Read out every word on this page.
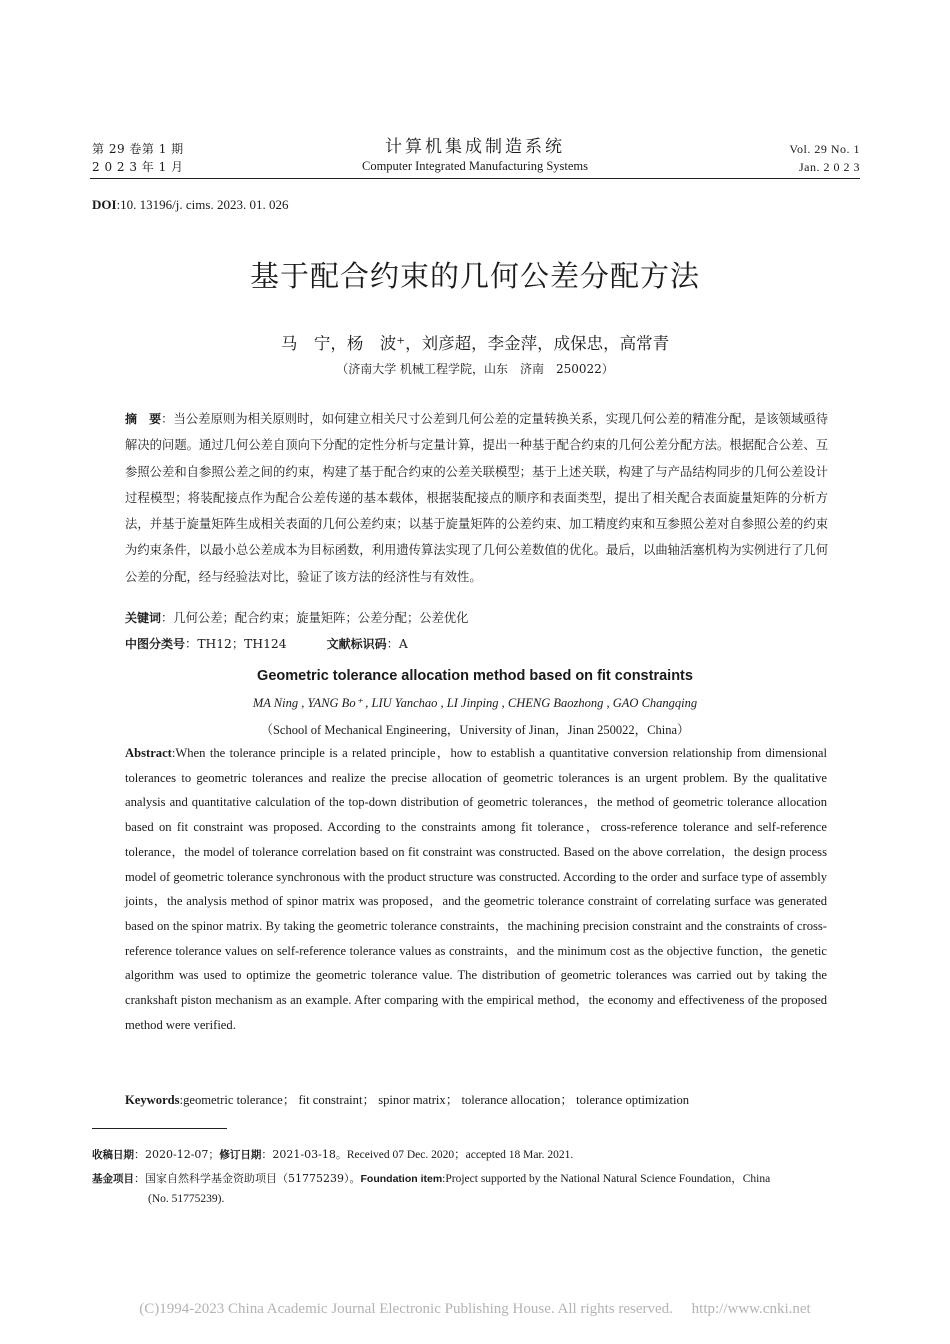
第 29 卷第 1 期
2 0 2 3 年 1 月
计算机集成制造系统
Computer Integrated Manufacturing Systems
Vol. 29 No. 1
Jan. 2 0 2 3
DOI:10. 13196/j. cims. 2023. 01. 026
基于配合约束的几何公差分配方法
马　宁，杨　波⁺，刘彦超，李金萍，成保忠，高常青
（济南大学 机械工程学院，山东　济南　250022）
摘　要：当公差原则为相关原则时，如何建立相关尺寸公差到几何公差的定量转换关系，实现几何公差的精准分配，是该领域亟待解决的问题。通过几何公差自顶向下分配的定性分析与定量计算，提出一种基于配合约束的几何公差分配方法。根据配合公差、互参照公差和自参照公差之间的约束，构建了基于配合约束的公差关联模型；基于上述关联，构建了与产品结构同步的几何公差设计过程模型；将装配接点作为配合公差传递的基本载体，根据装配接点的顺序和表面类型，提出了相关配合表面旋量矩阵的分析方法，并基于旋量矩阵生成相关表面的几何公差约束；以基于旋量矩阵的公差约束、加工精度约束和互参照公差对自参照公差的约束为约束条件，以最小总公差成本为目标函数，利用遗传算法实现了几何公差数值的优化。最后，以曲轴活塞机构为实例进行了几何公差的分配，经与经验法对比，验证了该方法的经济性与有效性。
关键词：几何公差；配合约束；旋量矩阵；公差分配；公差优化
中图分类号：TH12；TH124	文献标识码：A
Geometric tolerance allocation method based on fit constraints
MA Ning , YANG Bo⁺ , LIU Yanchao , LI Jinping , CHENG Baozhong , GAO Changqing
（School of Mechanical Engineering，University of Jinan，Jinan 250022，China）
Abstract:When the tolerance principle is a related principle，how to establish a quantitative conversion relationship from dimensional tolerances to geometric tolerances and realize the precise allocation of geometric tolerances is an urgent problem. By the qualitative analysis and quantitative calculation of the top-down distribution of geometric tolerances，the method of geometric tolerance allocation based on fit constraint was proposed. According to the constraints among fit tolerance，cross-reference tolerance and self-reference tolerance，the model of tolerance correlation based on fit constraint was constructed. Based on the above correlation，the design process model of geometric tolerance synchronous with the product structure was constructed. According to the order and surface type of assembly joints，the analysis method of spinor matrix was proposed，and the geometric tolerance constraint of correlating surface was generated based on the spinor matrix. By taking the geometric tolerance constraints，the machining precision constraint and the constraints of cross-reference tolerance values on self-reference tolerance values as constraints，and the minimum cost as the objective function，the genetic algorithm was used to optimize the geometric tolerance value. The distribution of geometric tolerances was carried out by taking the crankshaft piston mechanism as an example. After comparing with the empirical method，the economy and effectiveness of the proposed method were verified.
Keywords:geometric tolerance； fit constraint； spinor matrix； tolerance allocation； tolerance optimization
收稿日期：2020-12-07；修订日期：2021-03-18。Received 07 Dec. 2020；accepted 18 Mar. 2021.
基金项目：国家自然科学基金资助项目（51775239）。Foundation item:Project supported by the National Natural Science Foundation，China
(No. 51775239).
(C)1994-2023 China Academic Journal Electronic Publishing House. All rights reserved.　 http://www.cnki.net
